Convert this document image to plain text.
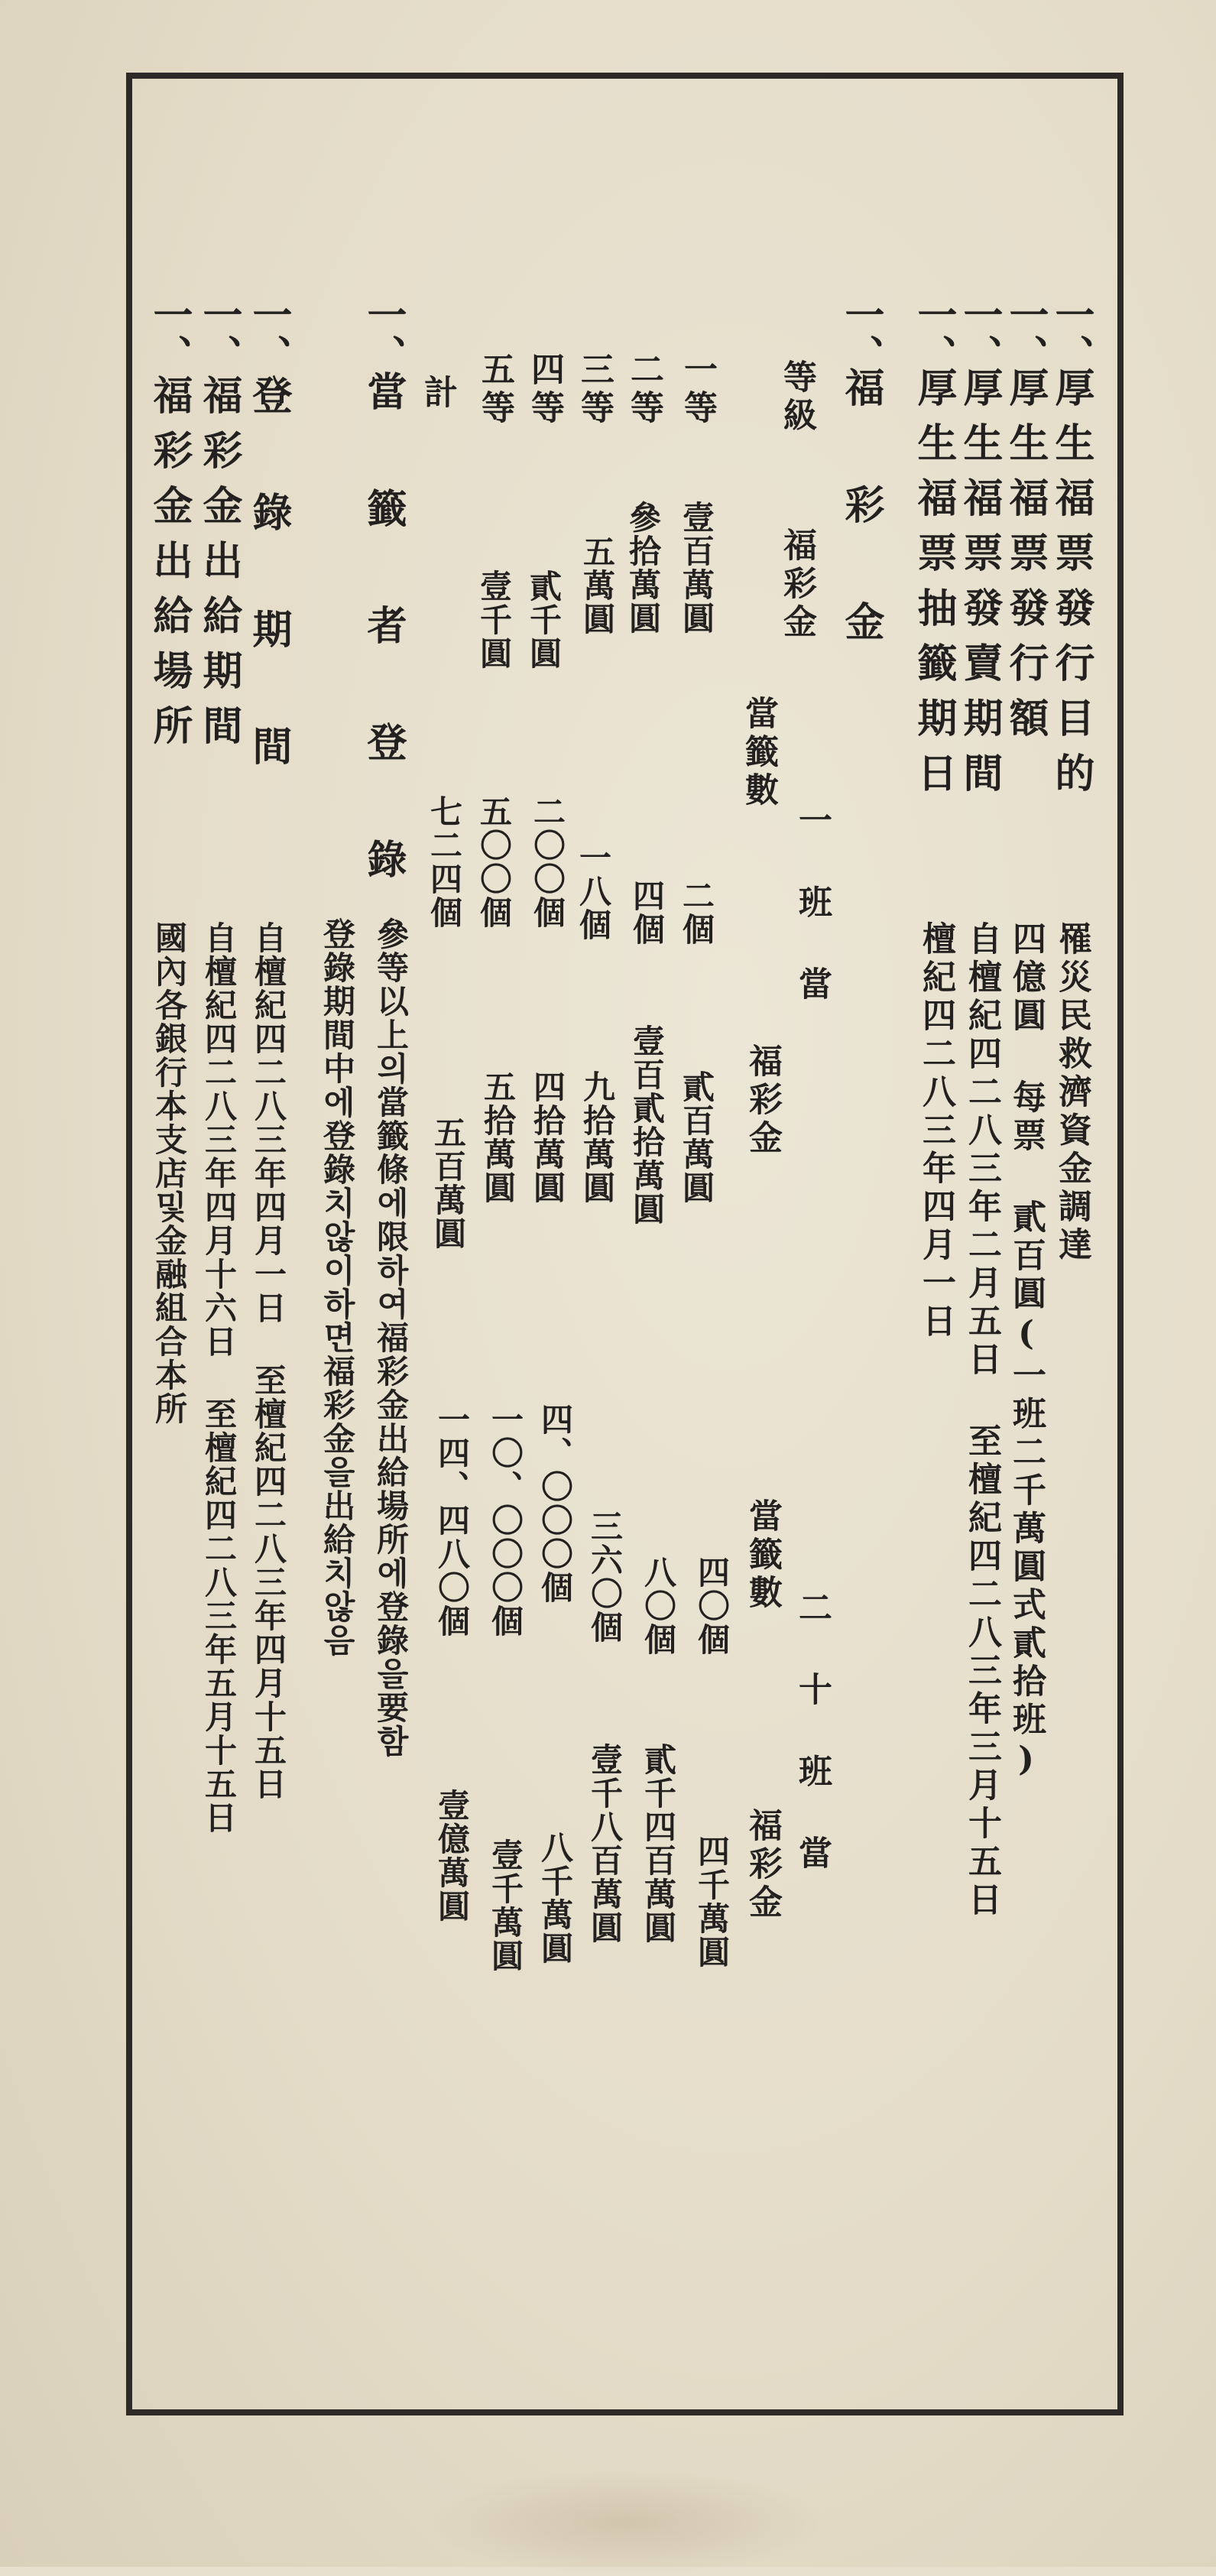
一、
厚生福票發行目的
罹災民救濟資金調達
一、
厚生福票發行額
四億圓 每票 貳百圓(一班二千萬圓式貳拾班)
一、
厚生福票發賣期間
自檀紀四二八三年二月五日 至檀紀四二八三年三月十五日
一、
厚生福票抽籤期日
檀紀四二八三年四月一日
一、
福 彩 金
等級
福彩金
一 班 當
當籤數
福彩金
二 十 班 當
當籤數
福彩金
一等
壹百萬圓
二個
貳百萬圓
四〇個
四千萬圓
二等
參拾萬圓
四個
壹百貳拾萬圓
八〇個
貳千四百萬圓
三等
五萬圓
一八個
九拾萬圓
三六〇個
壹千八百萬圓
四等
貳千圓
二〇〇個
四拾萬圓
四、〇〇〇個
八千萬圓
五等
壹千圓
五〇〇個
五拾萬圓
一〇、〇〇〇個
壹千萬圓
計
七二四個
五百萬圓
一四、四八〇個
壹億萬圓
一、
當 籤 者 登 錄
參等以上의當籤條에限하여福彩金出給場所에登錄을要함
登錄期間中에登錄치않이하면福彩金을出給치않음
一、
登 錄 期 間
自檀紀四二八三年四月一日 至檀紀四二八三年四月十五日
一、
福彩金出給期間
自檀紀四二八三年四月十六日 至檀紀四二八三年五月十五日
一、
福彩金出給場所
國內各銀行本支店및金融組合本所
